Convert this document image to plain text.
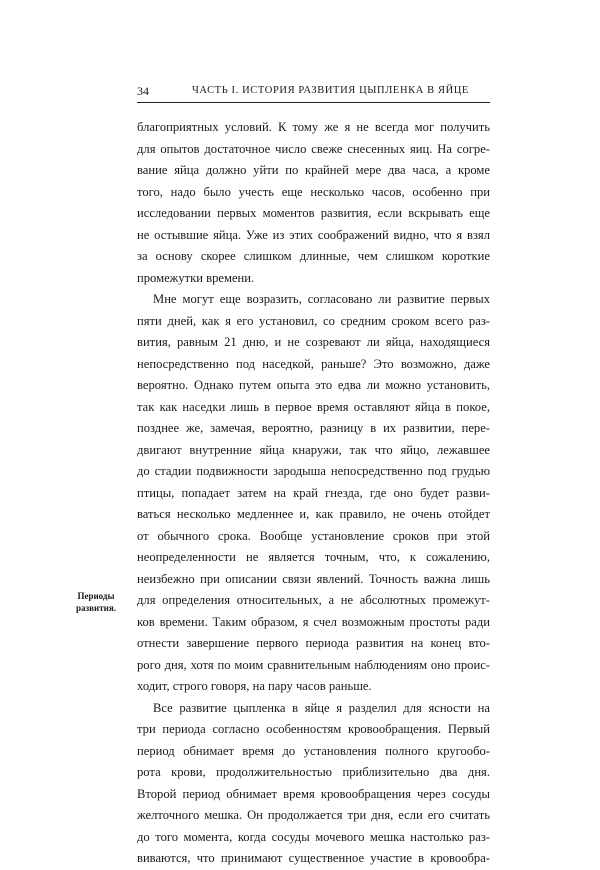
34	ЧАСТЬ I. ИСТОРИЯ РАЗВИТИЯ ЦЫПЛЕНКА В ЯЙЦЕ
Периоды
развития.
благоприятных условий. К тому же я не всегда мог получить
для опытов достаточное число свеже снесенных яиц. На согре-
вание яйца должно уйти по крайней мере два часа, а кроме
того, надо было учесть еще несколько часов, особенно при
исследовании первых моментов развития, если вскрывать еще
не остывшие яйца. Уже из этих соображений видно, что я взял
за основу скорее слишком длинные, чем слишком короткие
промежутки времени.
Мне могут еще возразить, согласовано ли развитие первых
пяти дней, как я его установил, со средним сроком всего раз-
вития, равным 21 дню, и не созревают ли яйца, находящиеся
непосредственно под наседкой, раньше? Это возможно, даже
вероятно. Однако путем опыта это едва ли можно установить,
так как наседки лишь в первое время оставляют яйца в покое,
позднее же, замечая, вероятно, разницу в их развитии, пере-
двигают внутренние яйца кнаружи, так что яйцо, лежавшее
до стадии подвижности зародыша непосредственно под грудью
птицы, попадает затем на край гнезда, где оно будет разви-
ваться несколько медленнее и, как правило, не очень отойдет
от обычного срока. Вообще установление сроков при этой
неопределенности не является точным, что, к сожалению,
неизбежно при описании связи явлений. Точность важна лишь
для определения относительных, а не абсолютных промежут-
ков времени. Таким образом, я счел возможным простоты ради
отнести завершение первого периода развития на конец вто-
рого дня, хотя по моим сравнительным наблюдениям оно проис-
ходит, строго говоря, на пару часов раньше.
Все развитие цыпленка в яйце я разделил для ясности на
три периода согласно особенностям кровообращения. Первый
период обнимает время до установления полного кругообо-
рота крови, продолжительностью приблизительно два дня.
Второй период обнимает время кровообращения через сосуды
желточного мешка. Он продолжается три дня, если его считать
до того момента, когда сосуды мочевого мешка настолько раз-
виваются, что принимают существенное участие в кровообра-
